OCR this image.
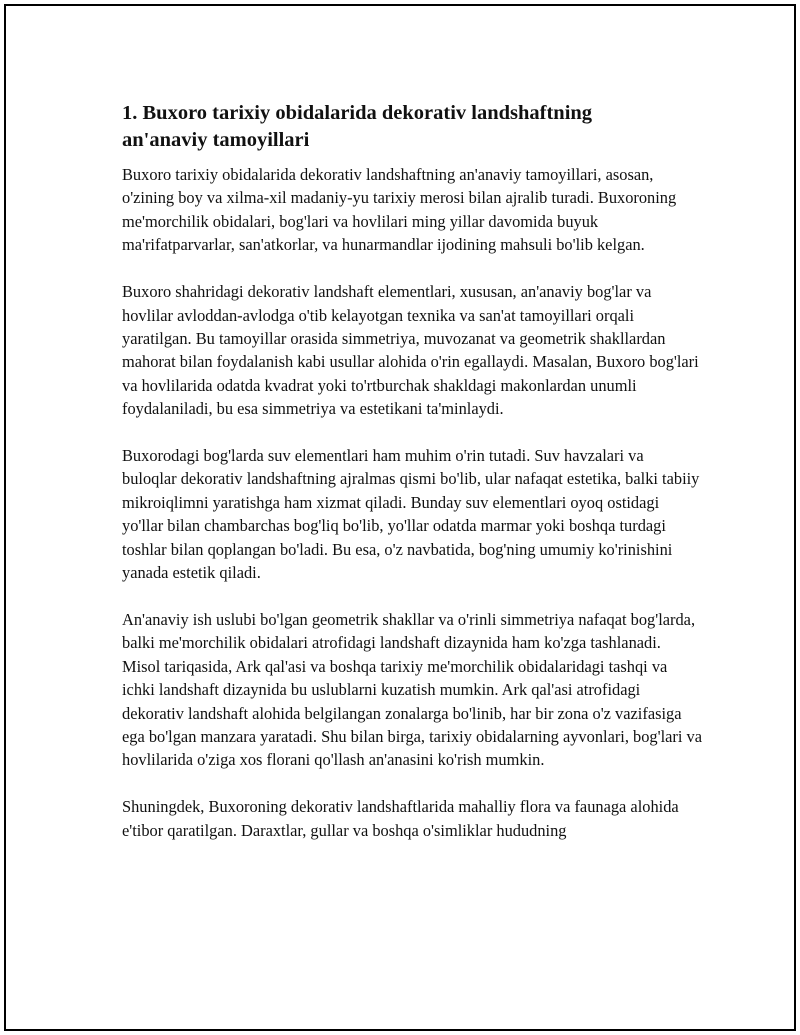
1. Buxoro tarixiy obidalarida dekorativ landshaftning
an'anaviy tamoyillari

Buxoro tarixiy obidalarida dekorativ landshaftning an'anaviy tamoyillari, asosan, o'zining boy va xilma-xil madaniy-yu tarixiy merosi bilan ajralib turadi. Buxoroning me'morchilik obidalari, bog'lari va hovlilari ming yillar davomida buyuk ma'rifatparvarlar, san'atkorlar, va hunarmandlar ijodining mahsuli bo'lib kelgan.

Buxoro shahridagi dekorativ landshaft elementlari, xususan, an'anaviy bog'lar va hovlilar avloddan-avlodga o'tib kelayotgan texnika va san'at tamoyillari orqali yaratilgan. Bu tamoyillar orasida simmetriya, muvozanat va geometrik shakllardan mahorat bilan foydalanish kabi usullar alohida o'rin egallaydi. Masalan, Buxoro bog'lari va hovlilarida odatda kvadrat yoki to'rtburchak shakldagi makonlardan unumli foydalaniladi, bu esa simmetriya va estetikani ta'minlaydi.

Buxorodagi bog'larda suv elementlari ham muhim o'rin tutadi. Suv havzalari va buloqlar dekorativ landshaftning ajralmas qismi bo'lib, ular nafaqat estetika, balki tabiiy mikroiqlimni yaratishga ham xizmat qiladi. Bunday suv elementlari oyoq ostidagi yo'llar bilan chambarchas bog'liq bo'lib, yo'llar odatda marmar yoki boshqa turdagi toshlar bilan qoplangan bo'ladi. Bu esa, o'z navbatida, bog'ning umumiy ko'rinishini yanada estetik qiladi.

An'anaviy ish uslubi bo'lgan geometrik shakllar va o'rinli simmetriya nafaqat bog'larda, balki me'morchilik obidalari atrofidagi landshaft dizaynida ham ko'zga tashlanadi. Misol tariqasida, Ark qal'asi va boshqa tarixiy me'morchilik obidalaridagi tashqi va ichki landshaft dizaynida bu uslublarni kuzatish mumkin. Ark qal'asi atrofidagi dekorativ landshaft alohida belgilangan zonalarga bo'linib, har bir zona o'z vazifasiga ega bo'lgan manzara yaratadi. Shu bilan birga, tarixiy obidalarning ayvonlari, bog'lari va hovlilarida o'ziga xos florani qo'llash an'anasini ko'rish mumkin.

Shuningdek, Buxoroning dekorativ landshaftlarida mahalliy flora va faunaga alohida e'tibor qaratilgan. Daraxtlar, gullar va boshqa o'simliklar hududning
